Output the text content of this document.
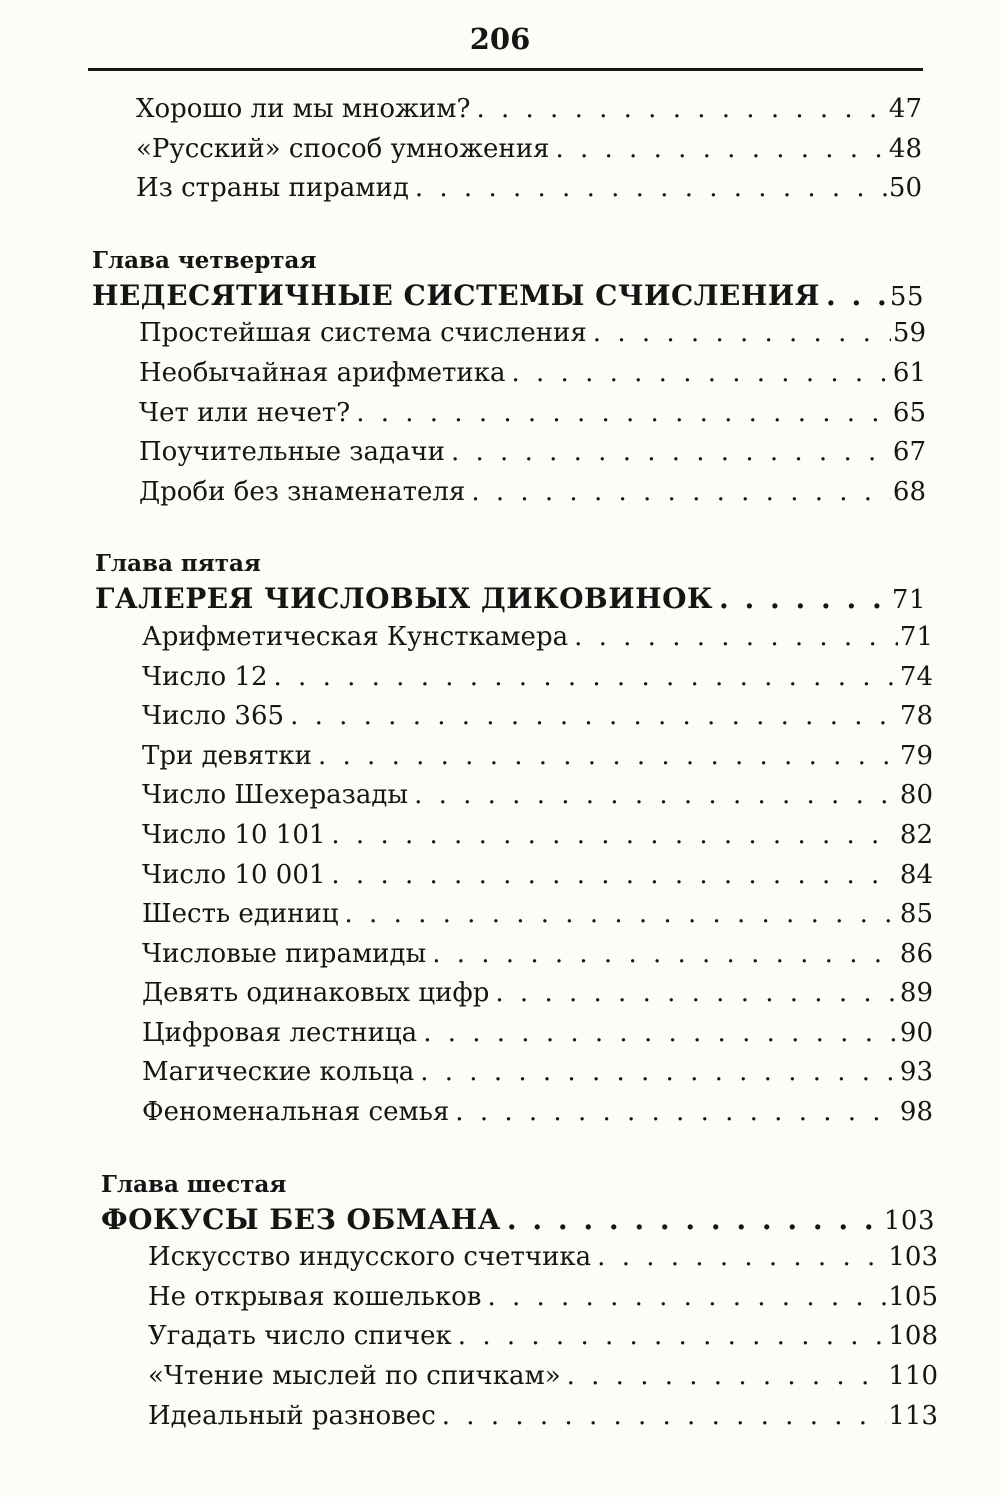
206
Хорошо ли мы множим? . . .	47
«Русский» способ умножения . . .	48
Из страны пирамид . . .	50
Глава четвертая
НЕДЕСЯТИЧНЫЕ СИСТЕМЫ СЧИСЛЕНИЯ . . .	55
Простейшая система счисления . . .	59
Необычайная арифметика . . .	61
Чет или нечет? . . .	65
Поучительные задачи . . .	67
Дроби без знаменателя . . .	68
Глава пятая
ГАЛЕРЕЯ ЧИСЛОВЫХ ДИКОВИНОК . . .	71
Арифметическая Кунсткамера . . .	71
Число 12 . . .	74
Число 365 . . .	78
Три девятки . . .	79
Число Шехеразады . . .	80
Число 10 101 . . .	82
Число 10 001 . . .	84
Шесть единиц . . .	85
Числовые пирамиды . . .	86
Девять одинаковых цифр . . .	89
Цифровая лестница . . .	90
Магические кольца . . .	93
Феноменальная семья . . .	98
Глава шестая
ФОКУСЫ БЕЗ ОБМАНА . . .	103
Искусство индусского счетчика . . .	103
Не открывая кошельков . . .	105
Угадать число спичек . . .	108
«Чтение мыслей по спичкам» . . .	110
Идеальный разновес . . .	113
